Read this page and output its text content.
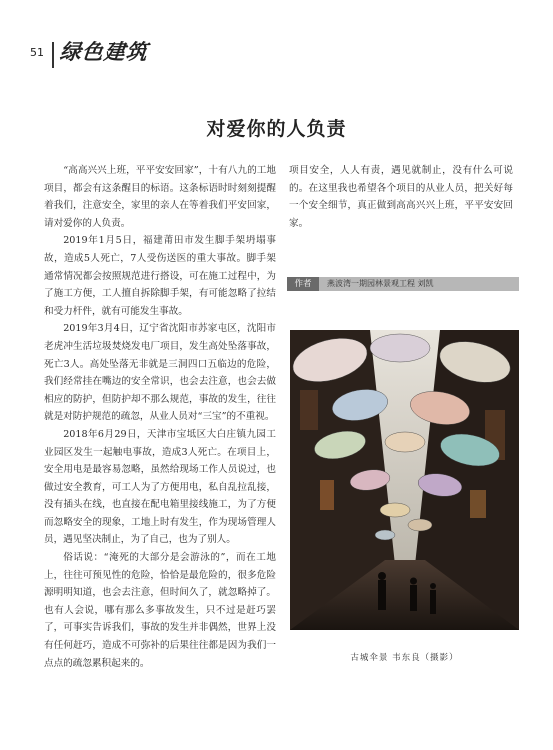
51 绿色建筑
对爱你的人负责

“高高兴兴上班，平平安安回家”，十有八九的工地项目，都会有这条醒目的标语。这条标语时时刻刻提醒着我们，注意安全，家里的亲人在等着我们平安回家，请对爱你的人负责。

2019年1月5日，福建莆田市发生脚手架坍塌事故，造成5人死亡，7人受伤送医的重大事故。脚手架通常情况都会按照规范进行搭设，可在施工过程中，为了施工方便，工人擅自拆除脚手架，有可能忽略了拉结和受力杆件，就有可能发生事故。

2019年3月4日，辽宁省沈阳市苏家屯区，沈阳市老虎冲生活垃圾焚烧发电厂项目，发生高处坠落事故，死亡3人。高处坠落无非就是三洞四口五临边的危险，我们经常挂在嘴边的安全常识，也会去注意，也会去做相应的防护，但防护却不那么规范，事故的发生，往往就是对防护规范的疏忽，从业人员对“三宝”的不重视。

2018年6月29日，天津市宝坻区大白庄镇九园工业园区发生一起触电事故，造成3人死亡。在项目上，安全用电是最容易忽略，虽然给现场工作人员说过，也做过安全教育，可工人为了方便用电，私自乱拉乱接，没有插头在线，也直接在配电箱里接线施工，为了方便而忽略安全的现象，工地上时有发生，作为现场管理人员，遇见坚决制止，为了自己，也为了别人。

俗话说：“淹死的大部分是会游泳的”，而在工地上，往往可预见性的危险，恰恰是最危险的，很多危险源明明知道，也会去注意，但时间久了，就忽略掉了。也有人会说，哪有那么多事故发生，只不过是赶巧罢了，可事实告诉我们，事故的发生并非偶然，世界上没有任何赶巧，造成不可弥补的后果往往都是因为我们一点点的疏忽累积起来的。

项目安全，人人有责，遇见就制止，没有什么可说的。在这里我也希望各个项目的从业人员，把关好每一个安全细节，真正做到高高兴兴上班，平平安安回家。

作者	燕波湾一期园林景观工程 刘凯
古城伞景 韦东良（摄影）
